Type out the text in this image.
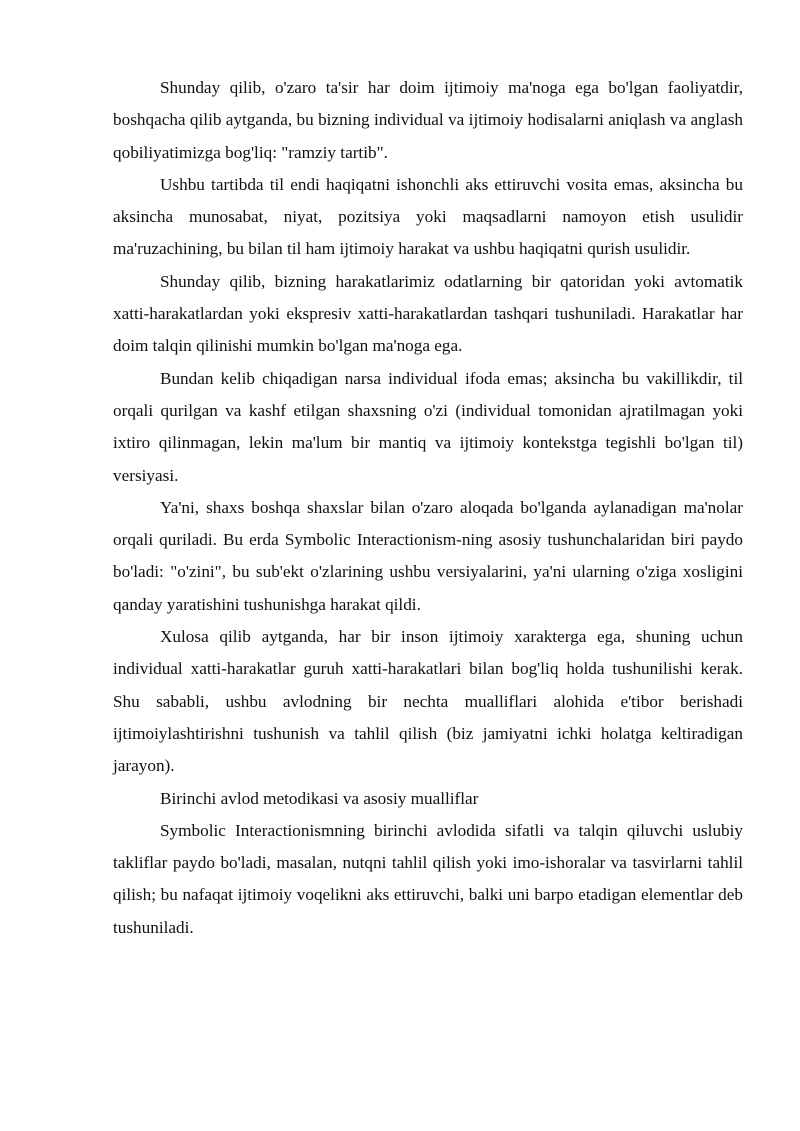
Shunday qilib, o'zaro ta'sir har doim ijtimoiy ma'noga ega bo'lgan faoliyatdir, boshqacha qilib aytganda, bu bizning individual va ijtimoiy hodisalarni aniqlash va anglash qobiliyatimizga bog'liq: "ramziy tartib".

Ushbu tartibda til endi haqiqatni ishonchli aks ettiruvchi vosita emas, aksincha bu aksincha munosabat, niyat, pozitsiya yoki maqsadlarni namoyon etish usulidir ma'ruzachining, bu bilan til ham ijtimoiy harakat va ushbu haqiqatni qurish usulidir.

Shunday qilib, bizning harakatlarimiz odatlarning bir qatoridan yoki avtomatik xatti-harakatlardan yoki ekspresiv xatti-harakatlardan tashqari tushuniladi. Harakatlar har doim talqin qilinishi mumkin bo'lgan ma'noga ega.

Bundan kelib chiqadigan narsa individual ifoda emas; aksincha bu vakillikdir, til orqali qurilgan va kashf etilgan shaxsning o'zi (individual tomonidan ajratilmagan yoki ixtiro qilinmagan, lekin ma'lum bir mantiq va ijtimoiy kontekstga tegishli bo'lgan til) versiyasi.

Ya'ni, shaxs boshqa shaxslar bilan o'zaro aloqada bo'lganda aylanadigan ma'nolar orqali quriladi. Bu erda Symbolic Interactionism-ning asosiy tushunchalaridan biri paydo bo'ladi: "o'zini", bu sub'ekt o'zlarining ushbu versiyalarini, ya'ni ularning o'ziga xosligini qanday yaratishini tushunishga harakat qildi.

Xulosa qilib aytganda, har bir inson ijtimoiy xarakterga ega, shuning uchun individual xatti-harakatlar guruh xatti-harakatlari bilan bog'liq holda tushunilishi kerak. Shu sababli, ushbu avlodning bir nechta mualliflari alohida e'tibor berishadi ijtimoiylashtirishni tushunish va tahlil qilish (biz jamiyatni ichki holatga keltiradigan jarayon).

Birinchi avlod metodikasi va asosiy mualliflar

Symbolic Interactionismning birinchi avlodida sifatli va talqin qiluvchi uslubiy takliflar paydo bo'ladi, masalan, nutqni tahlil qilish yoki imo-ishoralar va tasvirlarni tahlil qilish; bu nafaqat ijtimoiy voqelikni aks ettiruvchi, balki uni barpo etadigan elementlar deb tushuniladi.
